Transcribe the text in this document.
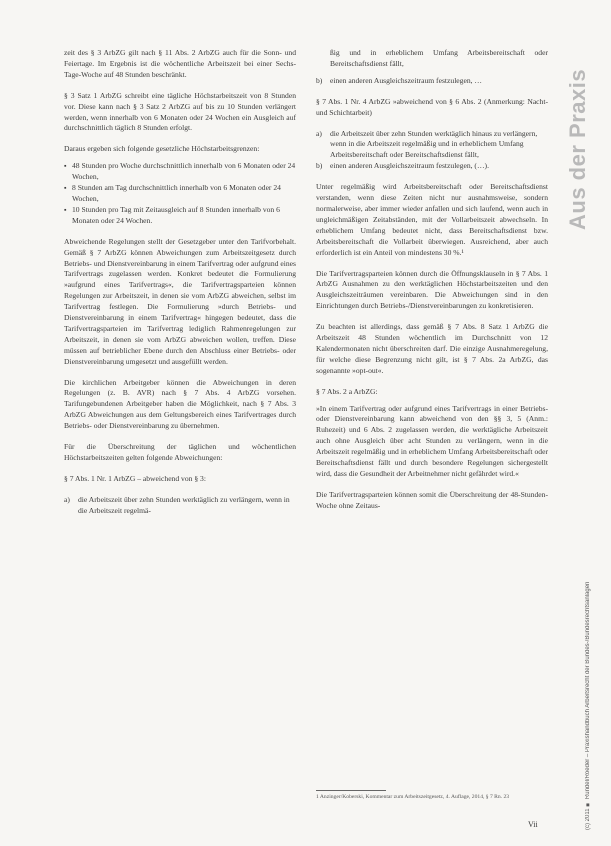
Aus der Praxis
(c) 2011 ■ Rundel/Roeder – Praxishandbuch Arbeitsrecht der Bundes-/Bundesrechtsanlagen

zeit des § 3 ArbZG gilt nach § 11 Abs. 2 ArbZG auch für die Sonn- und Feiertage. Im Ergebnis ist die wöchentliche Arbeitszeit bei einer Sechs-Tage-Woche auf 48 Stunden beschränkt.

§ 3 Satz 1 ArbZG schreibt eine tägliche Höchstarbeitszeit von 8 Stunden vor. Diese kann nach § 3 Satz 2 ArbZG auf bis zu 10 Stunden verlängert werden, wenn innerhalb von 6 Monaten oder 24 Wochen ein Ausgleich auf durchschnittlich täglich 8 Stunden erfolgt.

Daraus ergeben sich folgende gesetzliche Höchstarbeitsgrenzen:

▪ 48 Stunden pro Woche durchschnittlich innerhalb von 6 Monaten oder 24 Wochen,
▪ 8 Stunden am Tag durchschnittlich innerhalb von 6 Monaten oder 24 Wochen,
▪ 10 Stunden pro Tag mit Zeitausgleich auf 8 Stunden innerhalb von 6 Monaten oder 24 Wochen.

Abweichende Regelungen stellt der Gesetzgeber unter den Tarifvorbehalt. Gemäß § 7 ArbZG können Abweichungen zum Arbeitszeitgesetz durch Betriebs- und Dienstvereinbarung in einem Tarifvertrag oder aufgrund eines Tarifvertrags zugelassen werden. Konkret bedeutet die Formulierung »aufgrund eines Tarifvertrags«, die Tarifvertragsparteien können Regelungen zur Arbeitszeit, in denen sie vom ArbZG abweichen, selbst im Tarifvertrag festlegen. Die Formulierung »durch Betriebs- und Dienstvereinbarung in einem Tarifvertrag« hingegen bedeutet, dass die Tarifvertragsparteien im Tarifvertrag lediglich Rahmenregelungen zur Arbeitszeit, in denen sie vom ArbZG abweichen wollen, treffen. Diese müssen auf betrieblicher Ebene durch den Abschluss einer Betriebs- oder Dienstvereinbarung umgesetzt und ausgefüllt werden.

Die kirchlichen Arbeitgeber können die Abweichungen in deren Regelungen (z. B. AVR) nach § 7 Abs. 4 ArbZG vorsehen. Tarifungebundenen Arbeitgeber haben die Möglichkeit, nach § 7 Abs. 3 ArbZG Abweichungen aus dem Geltungsbereich eines Tarifvertrages durch Betriebs- oder Dienstvereinbarung zu übernehmen.

Für die Überschreitung der täglichen und wöchentlichen Höchstarbeitszeiten gelten folgende Abweichungen:

§ 7 Abs. 1 Nr. 1 ArbZG – abweichend von § 3:

a)	die Arbeitszeit über zehn Stunden werktäglich zu verlängern, wenn in die Arbeitszeit regelmä-

ßig und in erheblichem Umfang Arbeitsbereitschaft oder Bereitschaftsdienst fällt,

b)	einen anderen Ausgleichszeitraum festzulegen, …

§ 7 Abs. 1 Nr. 4 ArbZG »abweichend von § 6 Abs. 2 (Anmerkung: Nacht- und Schichtarbeit)

a)	die Arbeitszeit über zehn Stunden werktäglich hinaus zu verlängern, wenn in die Arbeitszeit regelmäßig und in erheblichem Umfang Arbeitsbereitschaft oder Bereitschaftsdienst fällt,
b)	einen anderen Ausgleichszeitraum festzulegen, (…).

Unter regelmäßig wird Arbeitsbereitschaft oder Bereitschaftsdienst verstanden, wenn diese Zeiten nicht nur ausnahmsweise, sondern normalerweise, aber immer wieder anfallen und sich laufend, wenn auch in ungleichmäßigen Zeitabständen, mit der Vollarbeitszeit abwechseln. In erheblichem Umfang bedeutet nicht, dass Bereitschaftsdienst bzw. Arbeitsbereitschaft die Vollarbeit überwiegen. Ausreichend, aber auch erforderlich ist ein Anteil von mindestens 30 %.¹

Die Tarifvertragsparteien können durch die Öffnungsklauseln in § 7 Abs. 1 ArbZG Ausnahmen zu den werktäglichen Höchstarbeitszeiten und den Ausgleichszeiträumen vereinbaren. Die Abweichungen sind in den Einrichtungen durch Betriebs-/Dienstvereinbarungen zu konkretisieren.

Zu beachten ist allerdings, dass gemäß § 7 Abs. 8 Satz 1 ArbZG die Arbeitszeit 48 Stunden wöchentlich im Durchschnitt von 12 Kalendermonaten nicht überschreiten darf. Die einzige Ausnahmeregelung, für welche diese Begrenzung nicht gilt, ist § 7 Abs. 2a ArbZG, das sogenannte »opt-out«.

§ 7 Abs. 2 a ArbZG:

»In einem Tarifvertrag oder aufgrund eines Tarifvertrags in einer Betriebs- oder Dienstvereinbarung kann abweichend von den §§ 3, 5 (Anm.: Ruhezeit) und 6 Abs. 2 zugelassen werden, die werktägliche Arbeitszeit auch ohne Ausgleich über acht Stunden zu verlängern, wenn in die Arbeitszeit regelmäßig und in erheblichem Umfang Arbeitsbereitschaft oder Bereitschaftsdienst fällt und durch besondere Regelungen sichergestellt wird, dass die Gesundheit der Arbeitnehmer nicht gefährdet wird.«

Die Tarifvertragsparteien können somit die Überschreitung der 48-Stunden-Woche ohne Zeitaus-

1 Anzinger/Koberski, Kommentar zum Arbeitszeitgesetz, 4. Auflage, 2014, § 7 Rn. 23
Vii
